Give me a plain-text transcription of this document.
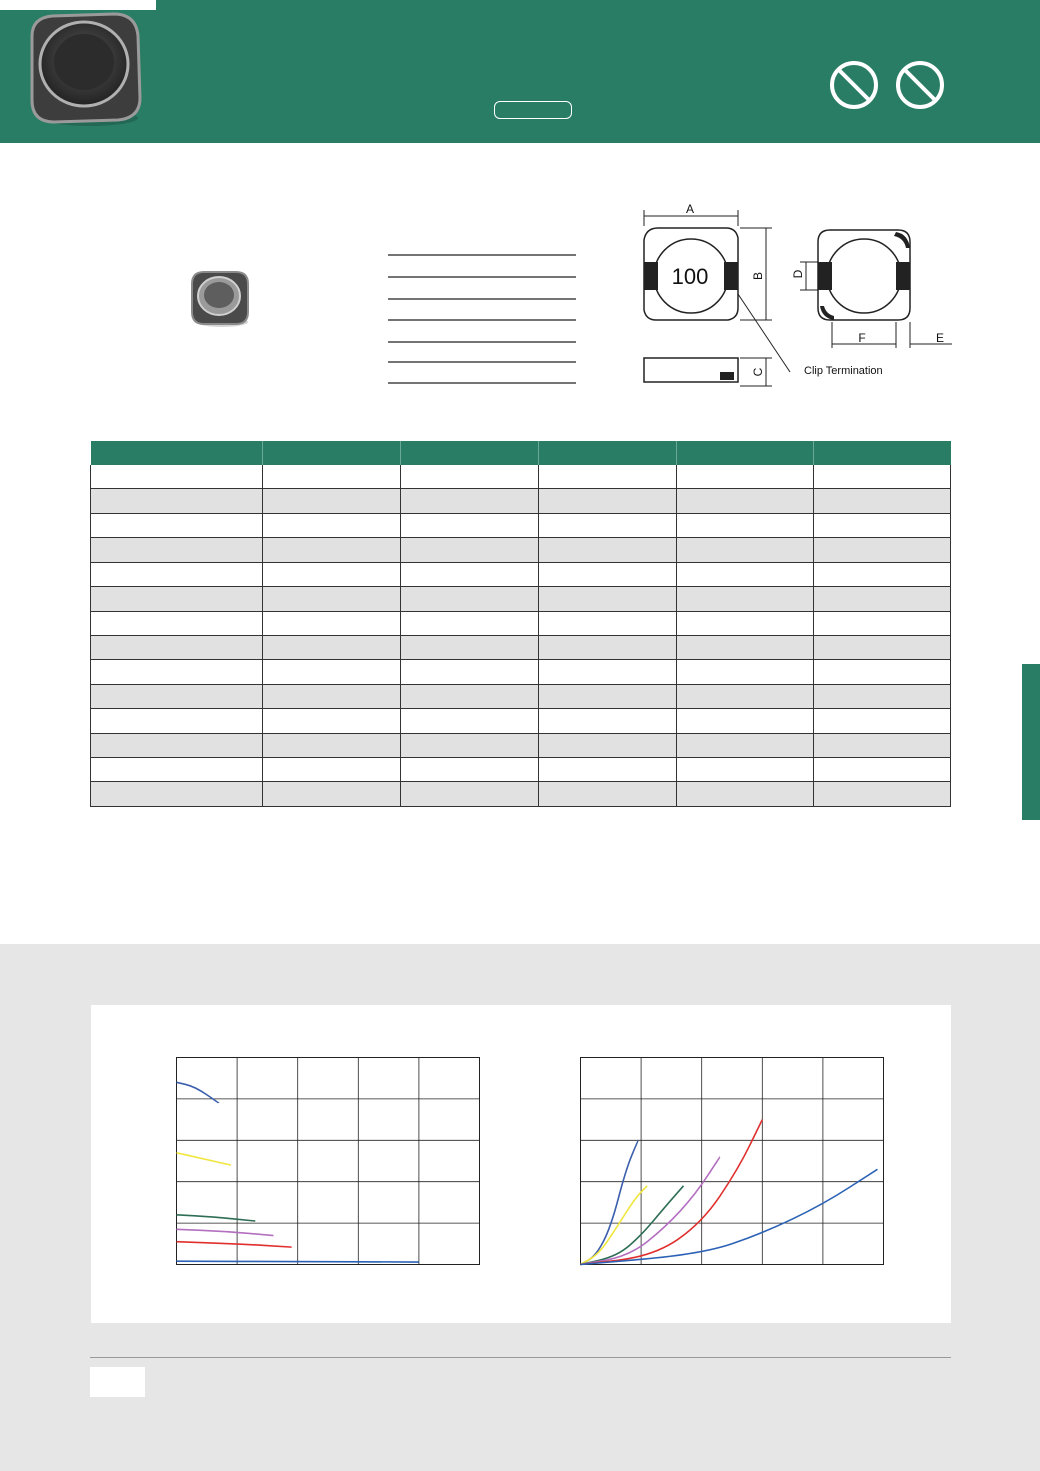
100
A
B
C	Clip Termination
D
F	E
